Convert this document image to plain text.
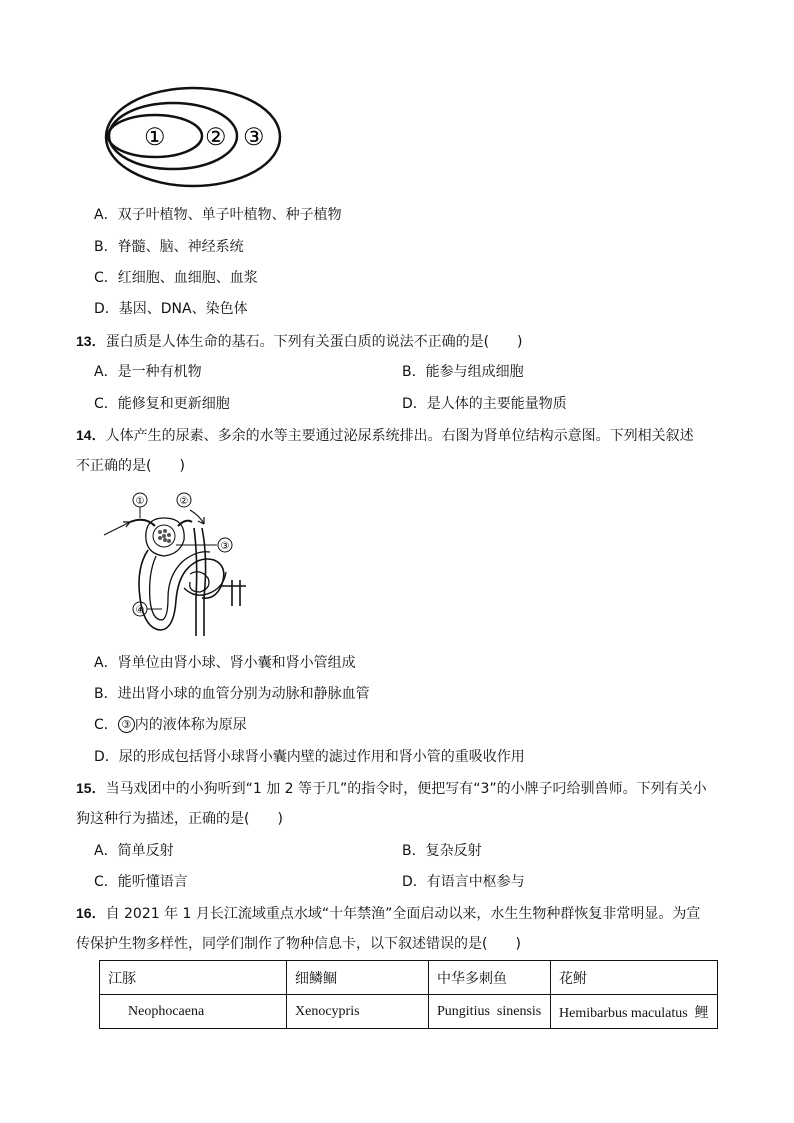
① ② ③
A．双子叶植物、单子叶植物、种子植物
B．脊髓、脑、神经系统
C．红细胞、血细胞、血浆
D．基因、DNA、染色体
13．蛋白质是人体生命的基石。下列有关蛋白质的说法不正确的是(　　)
A．是一种有机物	B．能参与组成细胞
C．能修复和更新细胞	D．是人体的主要能量物质
14．人体产生的尿素、多余的水等主要通过泌尿系统排出。右图为肾单位结构示意图。下列相关叙述
不正确的是(　　)
①	②
③
④
A．肾单位由肾小球、肾小囊和肾小管组成
B．进出肾小球的血管分别为动脉和静脉血管
C． ③ 内的液体称为原尿
D．尿的形成包括肾小球肾小囊内壁的滤过作用和肾小管的重吸收作用
15．当马戏团中的小狗听到“1 加 2 等于几”的指令时，便把写有“3”的小牌子叼给驯兽师。下列有关小
狗这种行为描述，正确的是(　　)
A．简单反射	B．复杂反射
C．能听懂语言	D．有语言中枢参与
16．自 2021 年 1 月长江流域重点水域“十年禁渔”全面启动以来，水生生物种群恢复非常明显。为宣
传保护生物多样性，同学们制作了物种信息卡，以下叙述错误的是(　　)
江豚	细鳞鲴	中华多刺鱼	花鲋
Neophocaena	Xenocypris	Pungitius  sinensis	Hemibarbus maculatus  鲤
